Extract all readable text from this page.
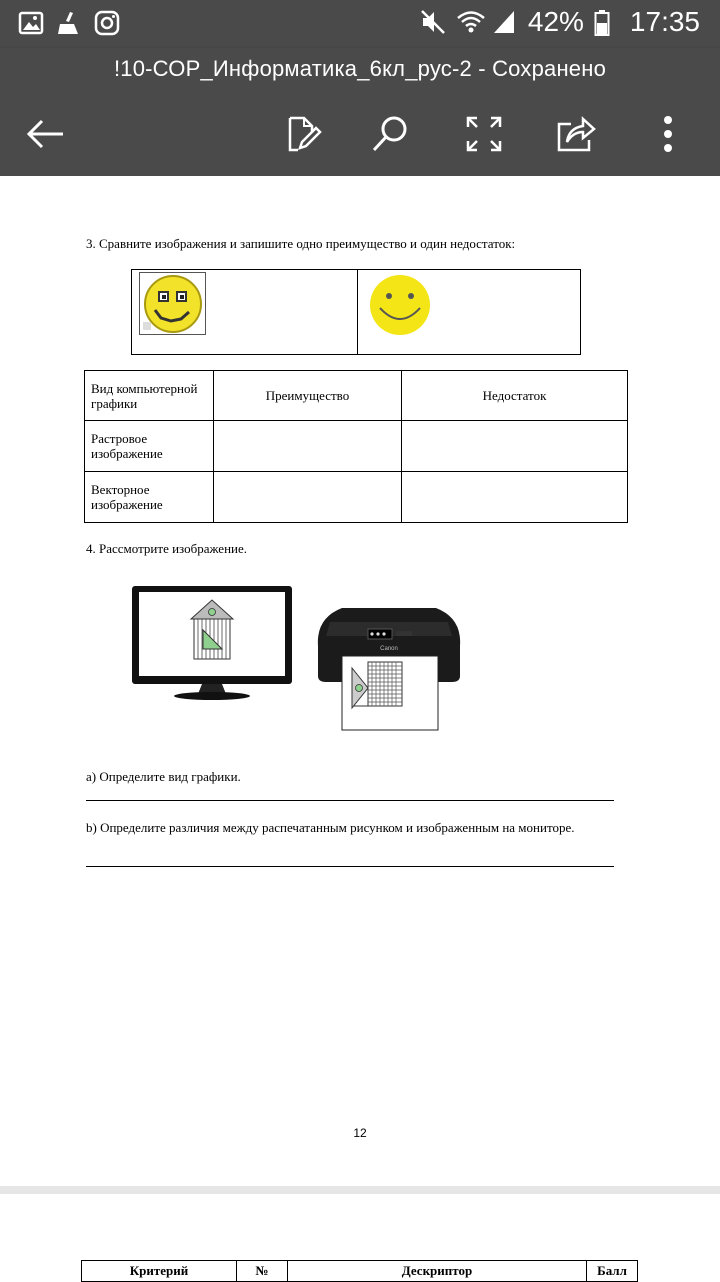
42% 17:35
!10-СОР_Информатика_6кл_рус-2 - Сохранено
3. Сравните изображения и запишите одно преимущество и один недостаток:
Вид компьютерной графики	Преимущество	Недостаток
Растровое изображение		
Векторное изображение		
4. Рассмотрите изображение.
Canon
а) Определите вид графики.
b) Определите различия между распечатанным рисунком и изображенным на мониторе.
12
Критерий	№	Дескриптор	Балл
